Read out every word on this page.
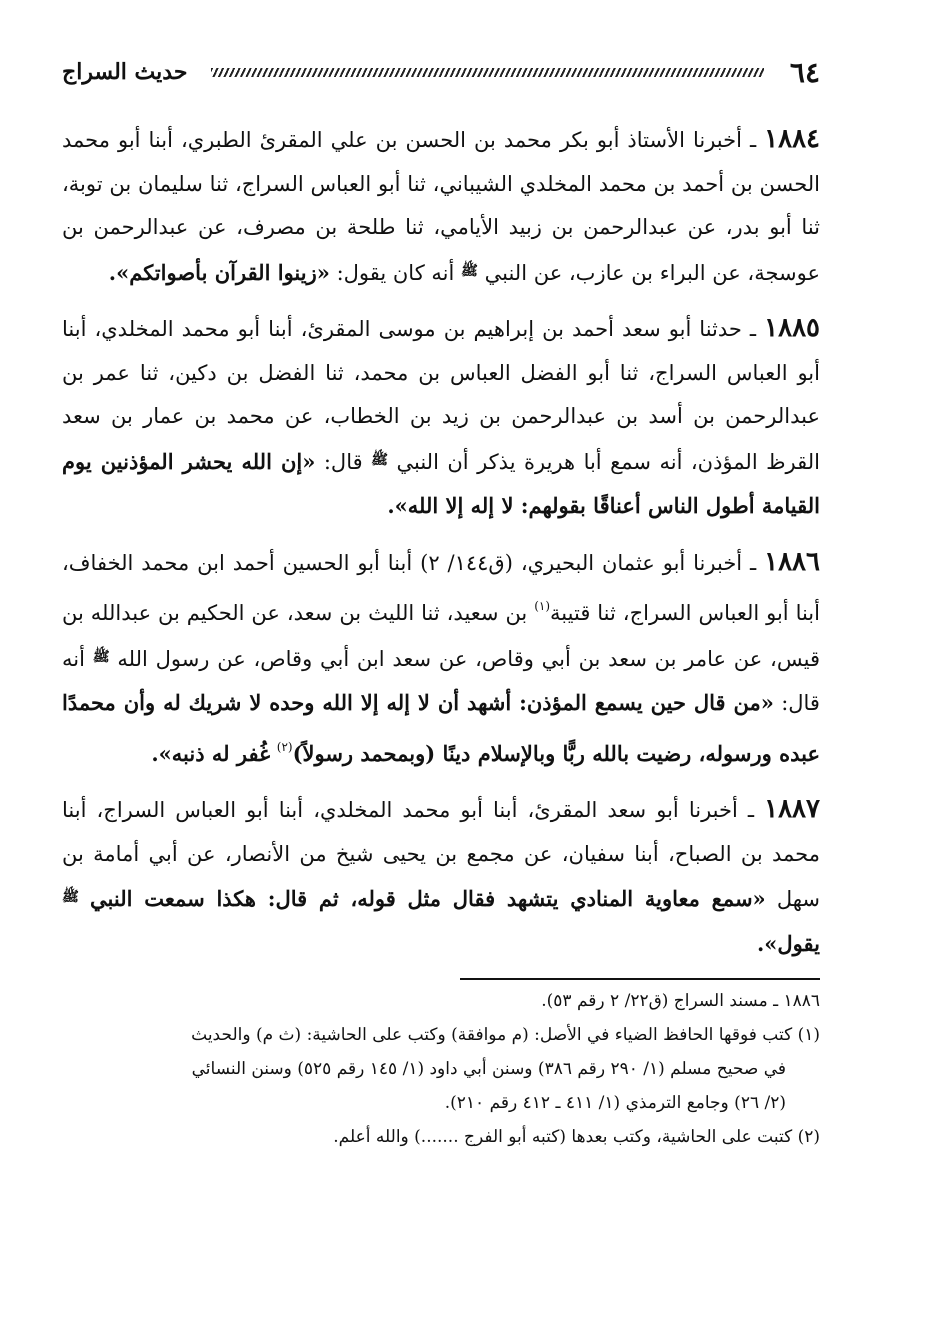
٦٤
حديث السراج

١٨٨٤ ـ أخبرنا الأستاذ أبو بكر محمد بن الحسن بن علي المقرئ الطبري، أبنا أبو محمد الحسن بن أحمد بن محمد المخلدي الشيباني، ثنا أبو العباس السراج، ثنا سليمان بن توبة، ثنا أبو بدر، عن عبدالرحمن بن زبيد الأيامي، ثنا طلحة بن مصرف، عن عبدالرحمن بن عوسجة، عن البراء بن عازب، عن النبي $^ﷺ$ أنه كان يقول: «زينوا القرآن بأصواتكم».

١٨٨٥ ـ حدثنا أبو سعد أحمد بن إبراهيم بن موسى المقرئ، أبنا أبو محمد المخلدي، أبنا أبو العباس السراج، ثنا أبو الفضل العباس بن محمد، ثنا الفضل بن دكين، ثنا عمر بن عبدالرحمن بن أسد بن عبدالرحمن بن زيد بن الخطاب، عن محمد بن عمار بن سعد القرظ المؤذن، أنه سمع أبا هريرة يذكر أن النبي $^ﷺ$ قال: «إن الله يحشر المؤذنين يوم القيامة أطول الناس أعناقًا بقولهم: لا إله إلا الله».

١٨٨٦ ـ أخبرنا أبو عثمان البحيري، (ق١٤٤/ ٢) أبنا أبو الحسين أحمد ابن محمد الخفاف، أبنا أبو العباس السراج، ثنا قتيبة$^{(١)}$ بن سعيد، ثنا الليث بن سعد، عن الحكيم بن عبدالله بن قيس، عن عامر بن سعد بن أبي وقاص، عن سعد ابن أبي وقاص، عن رسول الله $^ﷺ$ أنه قال: «من قال حين يسمع المؤذن: أشهد أن لا إله إلا الله وحده لا شريك له وأن محمدًا عبده ورسوله، رضيت بالله ربًّا وبالإسلام دينًا (وبمحمد رسولاً)$^{(٢)}$ غُفر له ذنبه».

١٨٨٧ ـ أخبرنا أبو سعد المقرئ، أبنا أبو محمد المخلدي، أبنا أبو العباس السراج، أبنا محمد بن الصباح، أبنا سفيان، عن مجمع بن يحيى شيخ من الأنصار، عن أبي أمامة بن سهل «سمع معاوية المنادي يتشهد فقال مثل قوله، ثم قال: هكذا سمعت النبي $^ﷺ$ يقول».

١٨٨٦ ـ مسند السراج (ق٢٢/ ٢ رقم ٥٣).

(١) كتب فوقها الحافظ الضياء في الأصل: (م موافقة) وكتب على الحاشية: (ث م) والحديث

في صحيح مسلم (١/ ٢٩٠ رقم ٣٨٦) وسنن أبي داود (١/ ١٤٥ رقم ٥٢٥) وسنن النسائي

(٢/ ٢٦) وجامع الترمذي (١/ ٤١١ ـ ٤١٢ رقم ٢١٠).

(٢) كتبت على الحاشية، وكتب بعدها (كتبه أبو الفرج .......) والله أعلم.
